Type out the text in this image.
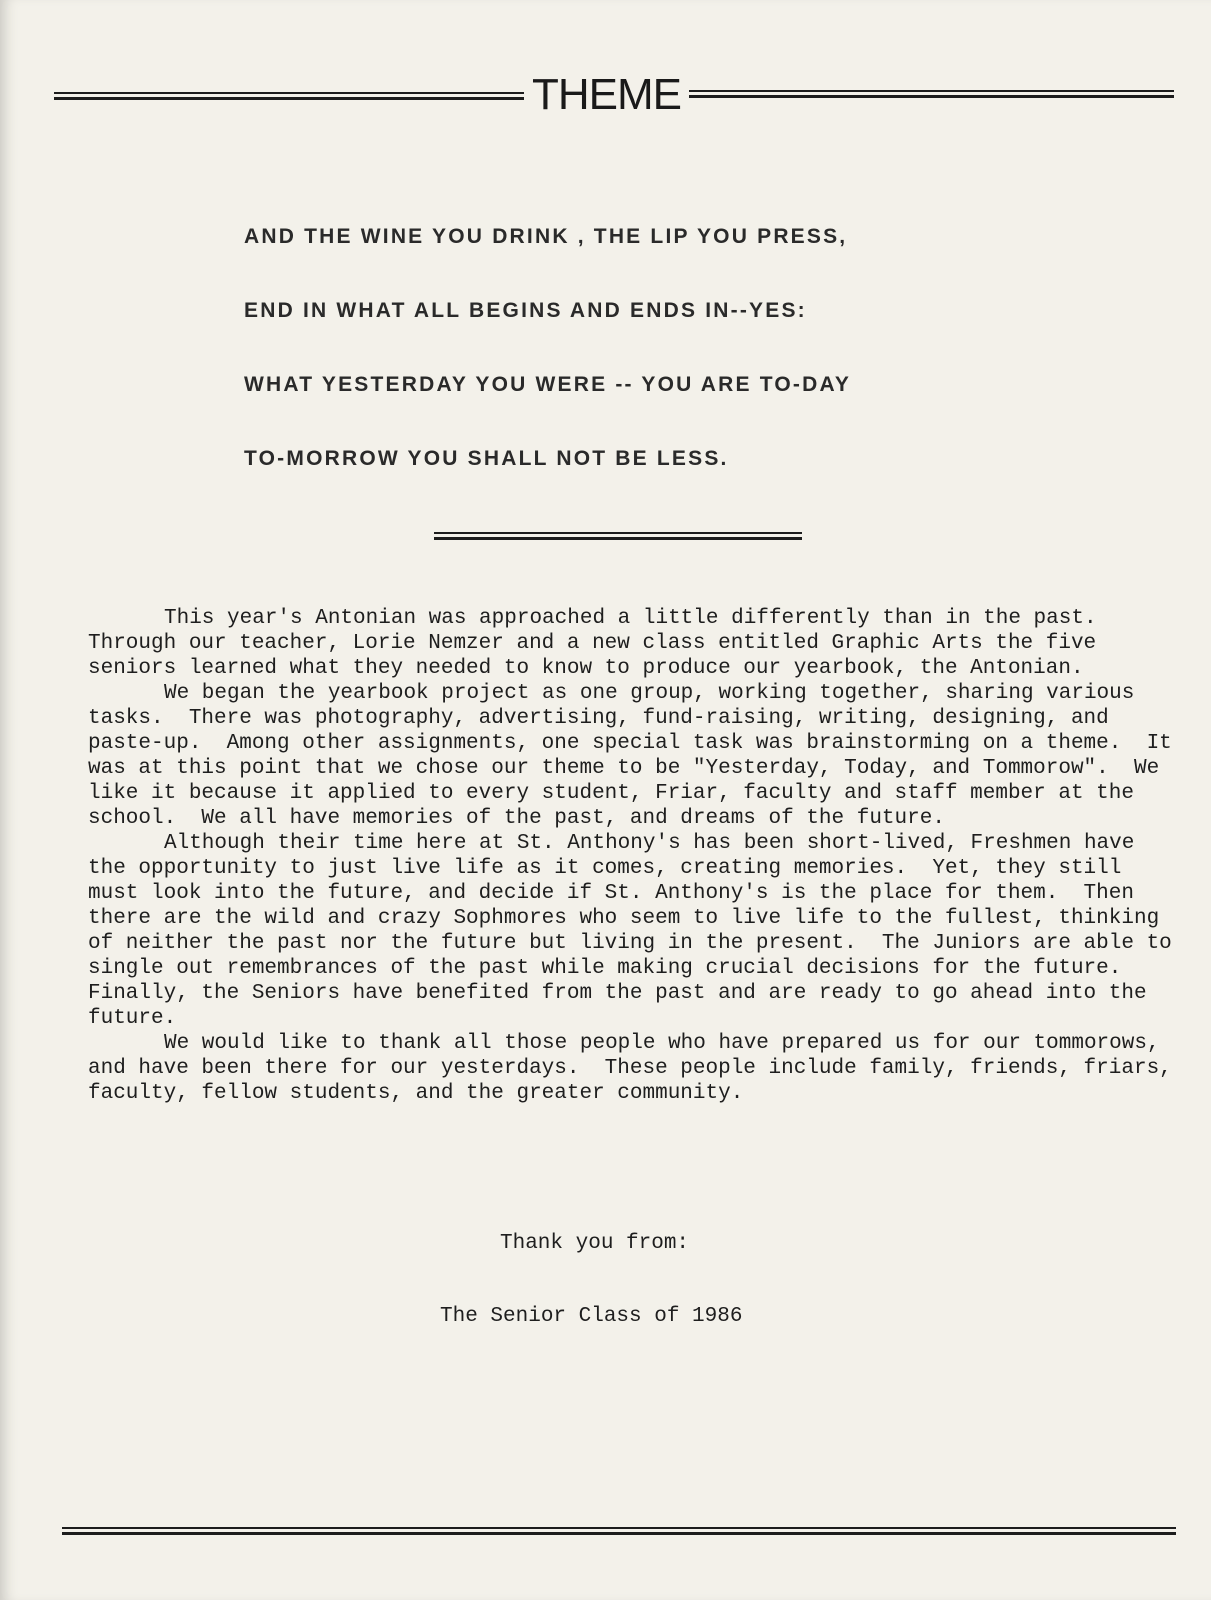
THEME
AND THE WINE YOU DRINK , THE LIP YOU PRESS,
END IN WHAT ALL BEGINS AND ENDS IN--YES:
WHAT YESTERDAY YOU WERE -- YOU ARE TO-DAY
TO-MORROW YOU SHALL NOT BE LESS.

This year's Antonian was approached a little differently than in the past.  Through our teacher, Lorie Nemzer and a new class entitled Graphic Arts the five seniors learned what they needed to know to produce our yearbook, the Antonian.

We began the yearbook project as one group, working together, sharing various tasks.  There was photography, advertising, fund-raising, writing, designing, and paste-up.  Among other assignments, one special task was brainstorming on a theme.  It was at this point that we chose our theme to be "Yesterday, Today, and Tommorow".  We like it because it applied to every student, Friar, faculty and staff member at the school.  We all have memories of the past, and dreams of the future.

Although their time here at St. Anthony's has been short-lived, Freshmen have the opportunity to just live life as it comes, creating memories.  Yet, they still must look into the future, and decide if St. Anthony's is the place for them.  Then there are the wild and crazy Sophmores who seem to live life to the fullest, thinking of neither the past nor the future but living in the present.  The Juniors are able to single out remembrances of the past while making crucial decisions for the future.  Finally, the Seniors have benefited from the past and are ready to go ahead into the future.

We would like to thank all those people who have prepared us for our tommorows, and have been there for our yesterdays.  These people include family, friends, friars, faculty, fellow students, and the greater community.

Thank you from:
The Senior Class of 1986
